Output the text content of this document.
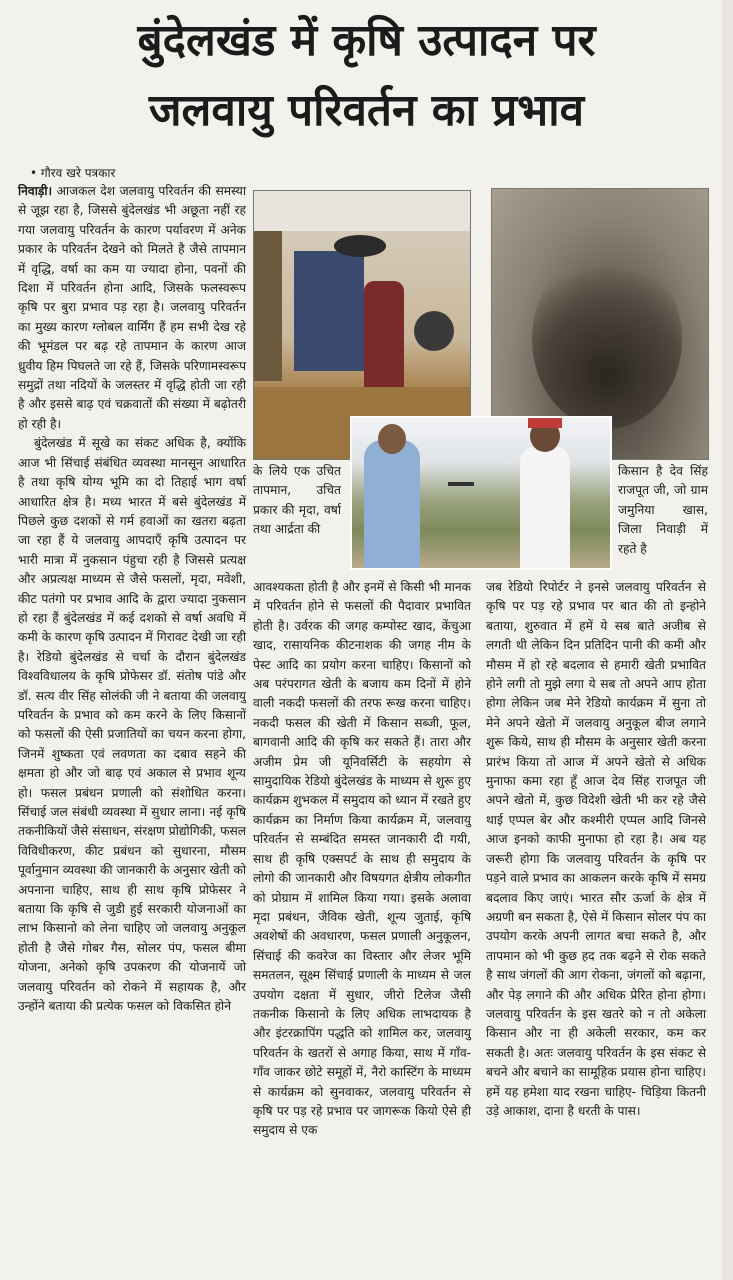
बुंदेलखंड में कृषि उत्पादन पर
जलवायु परिवर्तन का प्रभाव
• गौरव खरे पत्रकार

निवाड़ी। आजकल देश जलवायु परिवर्तन की समस्या से जूझ रहा है, जिससे बुंदेलखंड भी अछूता नहीं रह गया जलवायु परिवर्तन के कारण पर्यावरण में अनेक प्रकार के परिवर्तन देखने को मिलते है जैसे तापमान में वृद्धि, वर्षा का कम या ज्यादा होना, पवनों की दिशा में परिवर्तन होना आदि, जिसके फलस्वरूप कृषि पर बुरा प्रभाव पड़ रहा है। जलवायु परिवर्तन का मुख्य कारण ग्लोबल वार्मिंग हैं हम सभी देख रहे की भूमंडल पर बढ़ रहे तापमान के कारण आज ध्रुवीय हिम पिघलते जा रहे हैं, जिसके परिणामस्वरूप समुद्रों तथा नदियों के जलस्तर में वृद्धि होती जा रही है और इससे बाढ़ एवं चक्रवातों की संख्या में बढ़ोतरी हो रही है।

बुंदेलखंड में सूखे का संकट अधिक है, क्योंकि आज भी सिंचाई संबंधित व्यवस्था मानसून आधारित है तथा कृषि योग्य भूमि का दो तिहाई भाग वर्षा आधारित क्षेत्र है। मध्य भारत में बसे बुंदेलखंड में पिछले कुछ दशकों से गर्म हवाओं का खतरा बढ़ता जा रहा हैं ये जलवायु आपदाएँ कृषि उत्पादन पर भारी मात्रा में नुकसान पंहुचा रही है जिससे प्रत्यक्ष और अप्रत्यक्ष माध्यम से जैसे फसलों, मृदा, मवेशी, कीट पतंगो पर प्रभाव आदि के द्वारा ज्यादा नुकसान हो रहा हैं बुंदेलखंड में कई दशको से वर्षा अवधि में कमी के कारण कृषि उत्पादन में गिरावट देखी जा रही है। रेडियो बुंदेलखंड से चर्चा के दौरान बुंदेलखंड विश्वविधालय के कृषि प्रोफेसर डॉ. संतोष पांडे और डॉ. सत्य वीर सिंह सोलंकी जी ने बताया की जलवायु परिवर्तन के प्रभाव को कम करने के लिए किसानों को फसलों की ऐसी प्रजातियों का चयन करना होगा, जिनमें शुष्कता एवं लवणता का दबाव सहने की क्षमता हो और जो बाढ़ एवं अकाल से प्रभाव शून्य हो। फसल प्रबंधन प्रणाली को संशोधित करना। सिंचाई जल संबंधी व्यवस्था में सुधार लाना। नई कृषि तकनीकियों जैसे संसाधन, संरक्षण प्रोद्योगिकी, फसल विविधीकरण, कीट प्रबंधन को सुधारना, मौसम पूर्वानुमान व्यवस्था की जानकारी के अनुसार खेती को अपनाना चाहिए, साथ ही साथ कृषि प्रोफेसर ने बताया कि कृषि से जुडी हुई सरकारी योजनाओं का लाभ किसानो को लेना चाहिए जो जलवायु अनुकूल होती है जैसे गोबर गैस, सोलर पंप, फसल बीमा योजना, अनेको कृषि उपकरण की योजनायें जो जलवायु परिवर्तन को रोकने में सहायक है, और उन्होंने बताया की प्रत्येक फसल को विकसित होने

के लिये एक उचित तापमान, उचित प्रकार की मृदा, वर्षा तथा आर्द्रता की
आवश्यकता होती है और इनमें से किसी भी मानक में परिवर्तन होने से फसलों की पैदावार प्रभावित होती है। उर्वरक की जगह कम्पोस्ट खाद, केंचुआ खाद, रासायनिक कीटनाशक की जगह नीम के पेस्ट आदि का प्रयोग करना चाहिए। किसानों को अब परंपरागत खेती के बजाय कम दिनों में होने वाली नकदी फसलों की तरफ रूख करना चाहिए। नकदी फसल की खेती में किसान सब्जी, फूल, बागवानी आदि की कृषि कर सकते हैं। तारा और अजीम प्रेम जी यूनिवर्सिटी के सहयोग से सामुदायिक रेडियो बुंदेलखंड के माध्यम से शुरू हुए कार्यक्रम शुभकल में समुदाय को ध्यान में रखते हुए कार्यक्रम का निर्माण किया कार्यक्रम में, जलवायु परिवर्तन से सम्बंदित समस्त जानकारी दी गयी, साथ ही कृषि एक्सपर्ट के साथ ही समुदाय के लोगो की जानकारी और विषयगत क्षेत्रीय लोकगीत को प्रोग्राम में शामिल किया गया। इसके अलावा मृदा प्रबंधन, जैविक खेती, शून्य जुताई, कृषि अवशेषों की अवधारण, फसल प्रणाली अनुकूलन, सिंचाई की कवरेज का विस्तार और लेजर भूमि समतलन, सूक्ष्म सिंचाई प्रणाली के माध्यम से जल उपयोग दक्षता में सुधार, जीरो टिलेज जैसी तकनीक किसानो के लिए अधिक लाभदायक है और इंटरक्रापिंग पद्धति को शामिल कर, जलवायु परिवर्तन के खतरों से अगाह किया, साथ में गाँव-गाँव जाकर छोटे समूहों में, नैरो कास्टिंग के माध्यम से कार्यक्रम को सुनवाकर, जलवायु परिवर्तन से कृषि पर पड़ रहे प्रभाव पर जागरूक कियो ऐसे ही समुदाय से एक
किसान है देव सिंह राजपूत जी, जो ग्राम जमुनिया खास, जिला निवाड़ी में रहते है
जब रेडियो रिपोर्टर ने इनसे जलवायु परिवर्तन से कृषि पर पड़ रहे प्रभाव पर बात की तो इन्होने बताया, शुरुवात में हमें ये सब बाते अजीब से लगती थी लेकिन दिन प्रतिदिन पानी की कमी और मौसम में हो रहे बदलाव से हमारी खेती प्रभावित होने लगी तो मुझे लगा ये सब तो अपने आप होता होगा लेकिन जब मेने रेडियो कार्यक्रम में सुना तो मेने अपने खेतो में जलवायु अनुकूल बीज लगाने शुरू किये, साथ ही मौसम के अनुसार खेती करना प्रारंभ किया तो आज में अपने खेतो से अधिक मुनाफा कमा रहा हूँ आज देव सिंह राजपूत जी अपने खेतो में, कुछ विदेशी खेती भी कर रहे जैसे थाई एप्पल बेर और कश्मीरी एप्पल आदि जिनसे आज इनको काफी मुनाफा हो रहा है। अब यह जरूरी होगा कि जलवायु परिवर्तन के कृषि पर पड़ने वाले प्रभाव का आकलन करके कृषि में समग्र बदलाव किए जाएं। भारत सौर ऊर्जा के क्षेत्र में अग्रणी बन सकता है, ऐसे में किसान सोलर पंप का उपयोग करके अपनी लागत बचा सकते है, और तापमान को भी कुछ हद तक बढ़ने से रोक सकते है साथ जंगलों की आग रोकना, जंगलों को बढ़ाना, और पेड़ लगाने की और अधिक प्रेरित होना होगा। जलवायु परिवर्तन के इस खतरे को न तो अकेला किसान और ना ही अकेली सरकार, कम कर सकती है। अतः जलवायु परिवर्तन के इस संकट से बचने और बचाने का सामूहिक प्रयास होना चाहिए। हमें यह हमेशा याद रखना चाहिए- चिड़िया कितनी उड़े आकाश, दाना है धरती के पास।
